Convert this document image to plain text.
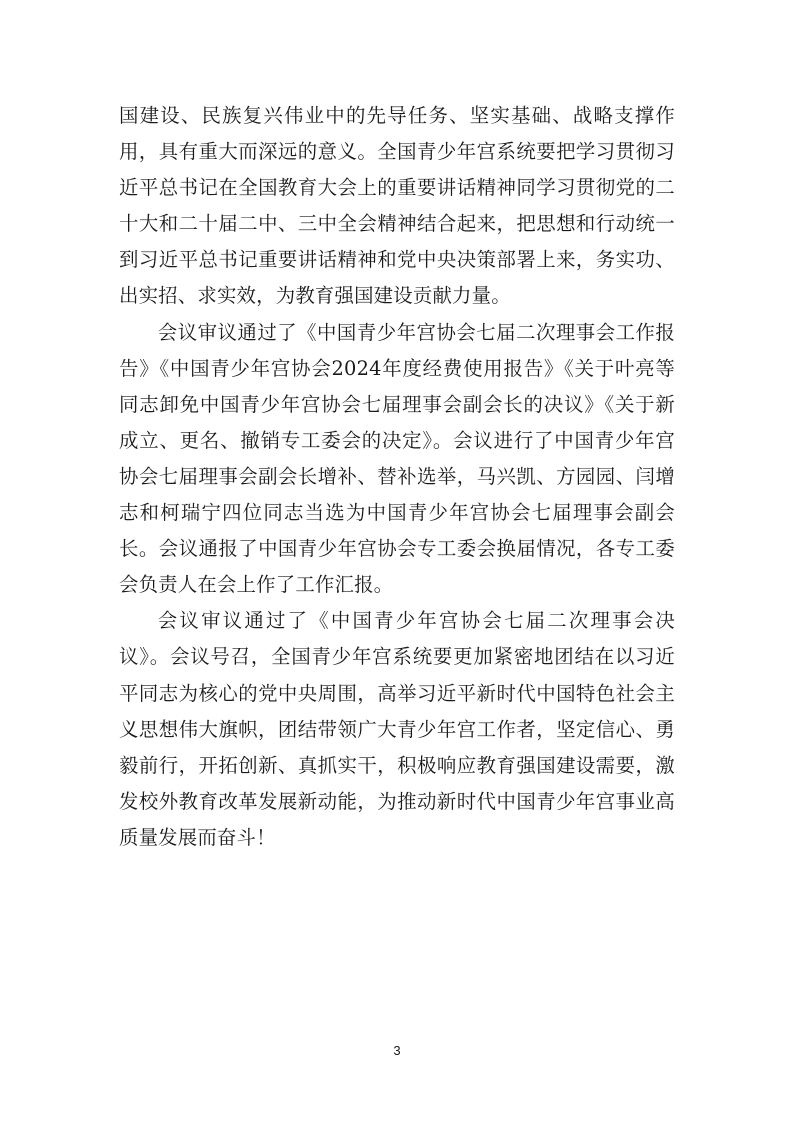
国建设、民族复兴伟业中的先导任务、坚实基础、战略支撑作用，具有重大而深远的意义。全国青少年宫系统要把学习贯彻习近平总书记在全国教育大会上的重要讲话精神同学习贯彻党的二十大和二十届二中、三中全会精神结合起来，把思想和行动统一到习近平总书记重要讲话精神和党中央决策部署上来，务实功、出实招、求实效，为教育强国建设贡献力量。

会议审议通过了《中国青少年宫协会七届二次理事会工作报告》《中国青少年宫协会2024年度经费使用报告》《关于叶亮等同志卸免中国青少年宫协会七届理事会副会长的决议》《关于新成立、更名、撤销专工委会的决定》。会议进行了中国青少年宫协会七届理事会副会长增补、替补选举，马兴凯、方园园、闫增志和柯瑞宁四位同志当选为中国青少年宫协会七届理事会副会长。会议通报了中国青少年宫协会专工委会换届情况，各专工委会负责人在会上作了工作汇报。

会议审议通过了《中国青少年宫协会七届二次理事会决议》。会议号召，全国青少年宫系统要更加紧密地团结在以习近平同志为核心的党中央周围，高举习近平新时代中国特色社会主义思想伟大旗帜，团结带领广大青少年宫工作者，坚定信心、勇毅前行，开拓创新、真抓实干，积极响应教育强国建设需要，激发校外教育改革发展新动能，为推动新时代中国青少年宫事业高质量发展而奋斗！

3
